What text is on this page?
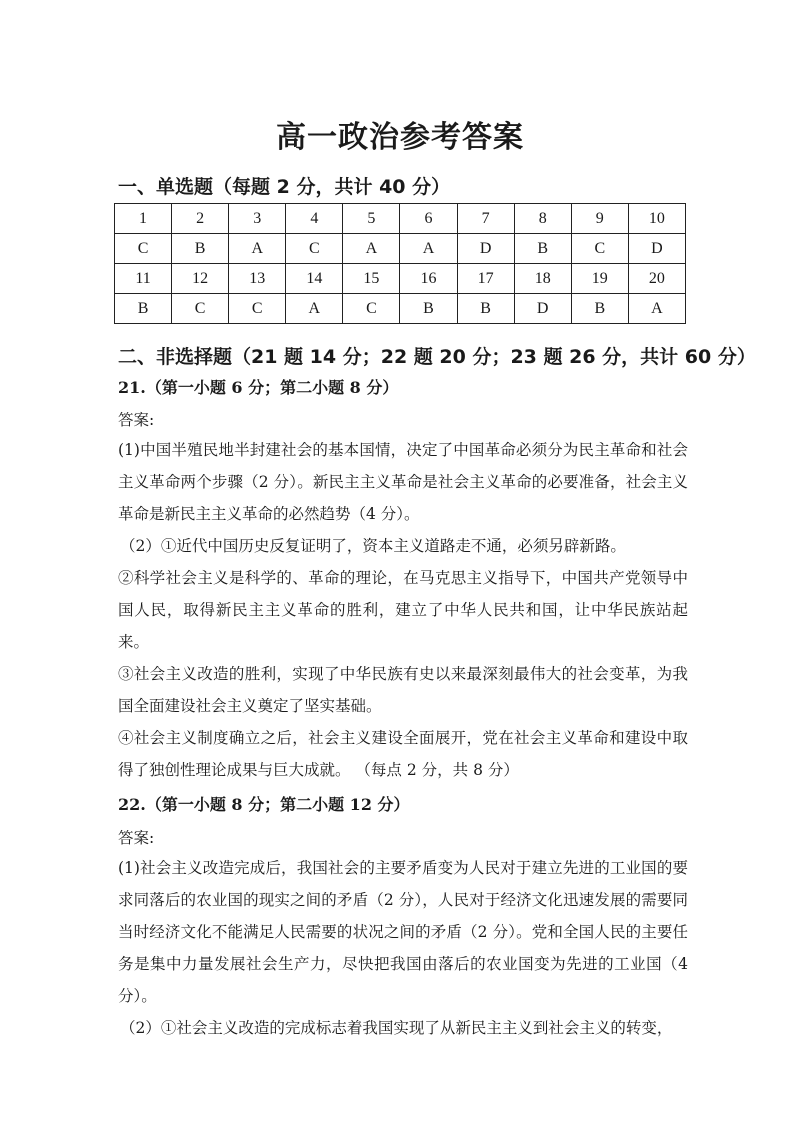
高一政治参考答案
一、单选题（每题 2 分，共计 40 分）
1	2	3	4	5	6	7	8	9	10
C	B	A	C	A	A	D	B	C	D
11	12	13	14	15	16	17	18	19	20
B	C	C	A	C	B	B	D	B	A
二、非选择题（21 题 14 分；22 题 20 分；23 题 26 分，共计 60 分）

21.（第一小题 6 分；第二小题 8 分）

答案:

(1)中国半殖民地半封建社会的基本国情，决定了中国革命必须分为民主革命和社会主义革命两个步骤（2 分）。新民主主义革命是社会主义革命的必要准备，社会主义革命是新民主主义革命的必然趋势（4 分）。

（2）①近代中国历史反复证明了，资本主义道路走不通，必须另辟新路。

②科学社会主义是科学的、革命的理论，在马克思主义指导下，中国共产党领导中国人民，取得新民主主义革命的胜利，建立了中华人民共和国，让中华民族站起来。

③社会主义改造的胜利，实现了中华民族有史以来最深刻最伟大的社会变革，为我国全面建设社会主义奠定了坚实基础。

④社会主义制度确立之后，社会主义建设全面展开，党在社会主义革命和建设中取得了独创性理论成果与巨大成就。 （每点 2 分，共 8 分）

22.（第一小题 8 分；第二小题 12 分）

答案:

(1)社会主义改造完成后，我国社会的主要矛盾变为人民对于建立先进的工业国的要求同落后的农业国的现实之间的矛盾（2 分），人民对于经济文化迅速发展的需要同当时经济文化不能满足人民需要的状况之间的矛盾（2 分）。党和全国人民的主要任务是集中力量发展社会生产力，尽快把我国由落后的农业国变为先进的工业国（4 分）。

（2）①社会主义改造的完成标志着我国实现了从新民主主义到社会主义的转变，
